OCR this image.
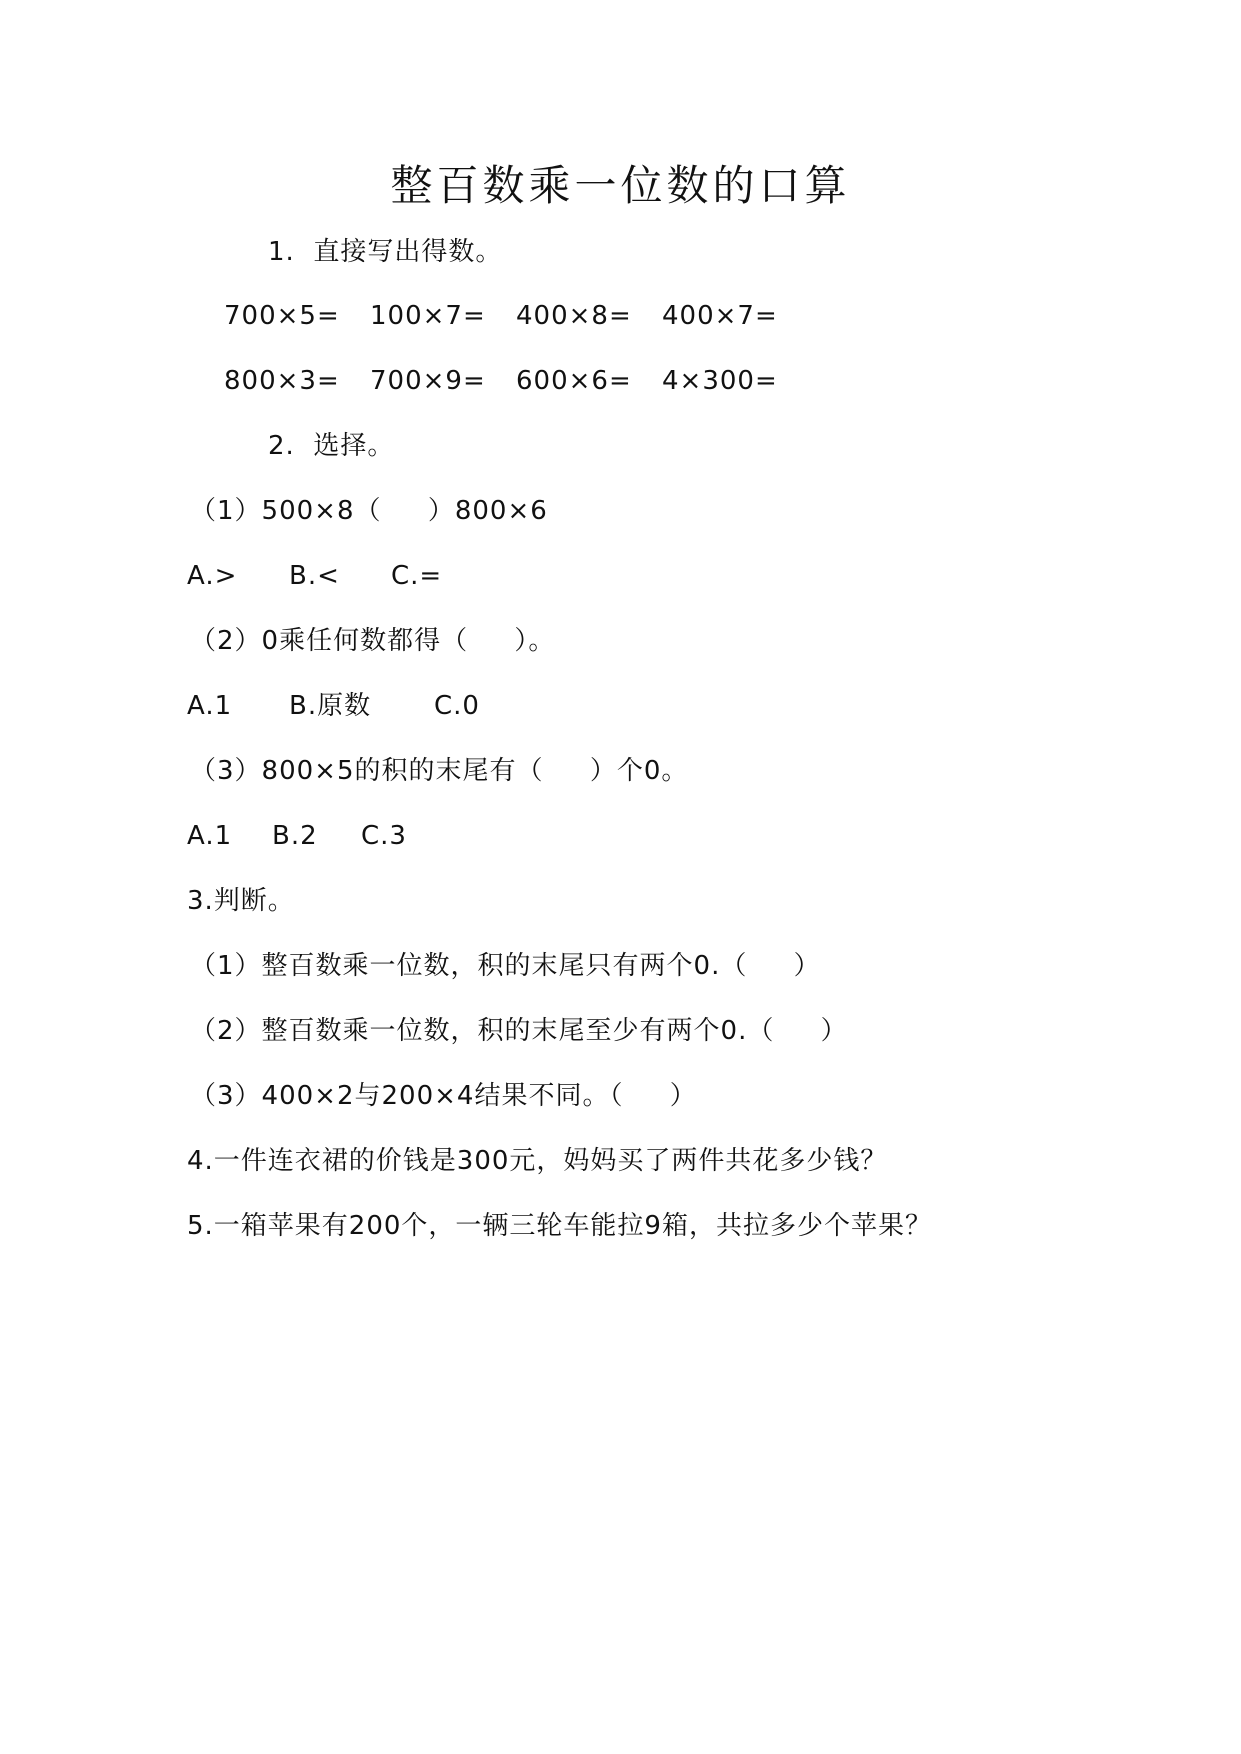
整百数乘一位数的口算
1.  直接写出得数。
700×5= 100×7= 400×8= 400×7=
800×3= 700×9= 600×6= 4×300=
2.  选择。
（1）500×8（     ）800×6
A.> B.< C.=
（2）0乘任何数都得（     ）。
A.1 B.原数 C.0
（3）800×5的积的末尾有（     ）个0。
A.1 B.2 C.3
3.判断。
（1）整百数乘一位数，积的末尾只有两个0.（     ）
（2）整百数乘一位数，积的末尾至少有两个0.（     ）
（3）400×2与200×4结果不同。（     ）
4.一件连衣裙的价钱是300元，妈妈买了两件共花多少钱？
5.一箱苹果有200个，一辆三轮车能拉9箱，共拉多少个苹果？
